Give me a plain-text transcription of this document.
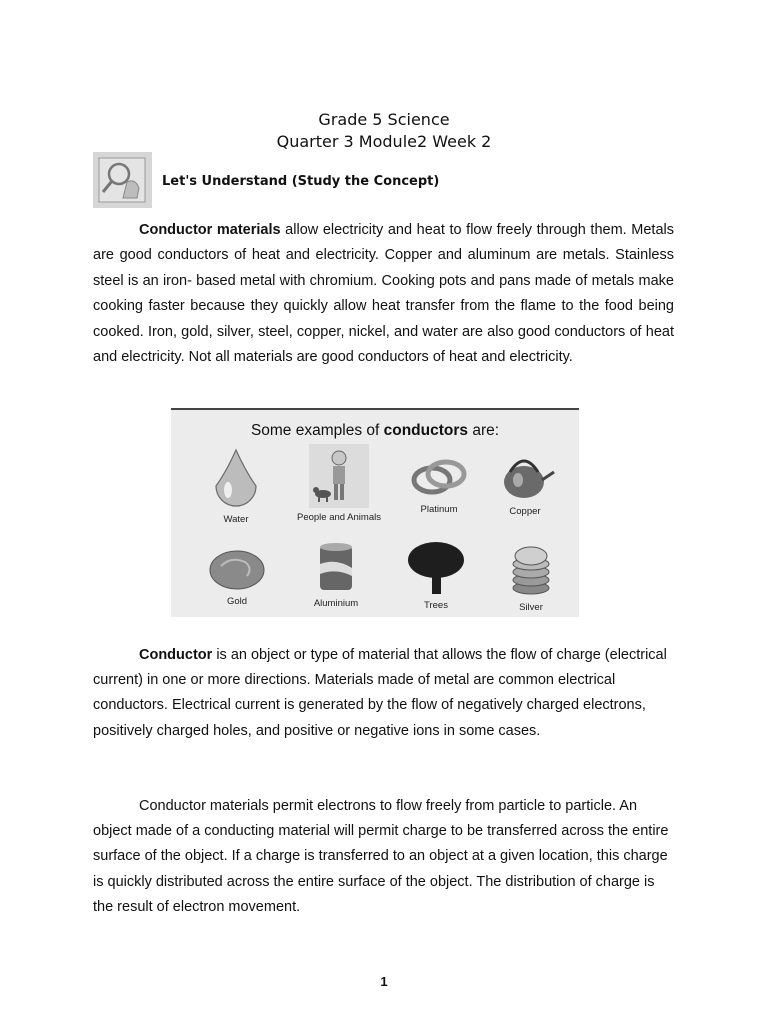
Grade 5 Science
Quarter 3 Module2 Week 2
Let's Understand (Study the Concept)

Conductor materials allow electricity and heat to flow freely through them. Metals are good conductors of heat and electricity. Copper and aluminum are metals. Stainless steel is an iron- based metal with chromium. Cooking pots and pans made of metals make cooking faster because they quickly allow heat transfer from the flame to the food being cooked. Iron, gold, silver, steel, copper, nickel, and water are also good conductors of heat and electricity. Not all materials are good conductors of heat and electricity.

Some examples of conductors are:
Water	People and Animals
Platinum	Copper
Gold	Aluminium	Trees	Silver

Conductor is an object or type of material that allows the flow of charge (electrical current) in one or more directions. Materials made of metal are common electrical conductors. Electrical current is generated by the flow of negatively charged electrons, positively charged holes, and positive or negative ions in some cases.

Conductor materials permit electrons to flow freely from particle to particle. An object made of a conducting material will permit charge to be transferred across the entire surface of the object. If a charge is transferred to an object at a given location, this charge is quickly distributed across the entire surface of the object. The distribution of charge is the result of electron movement.

1
